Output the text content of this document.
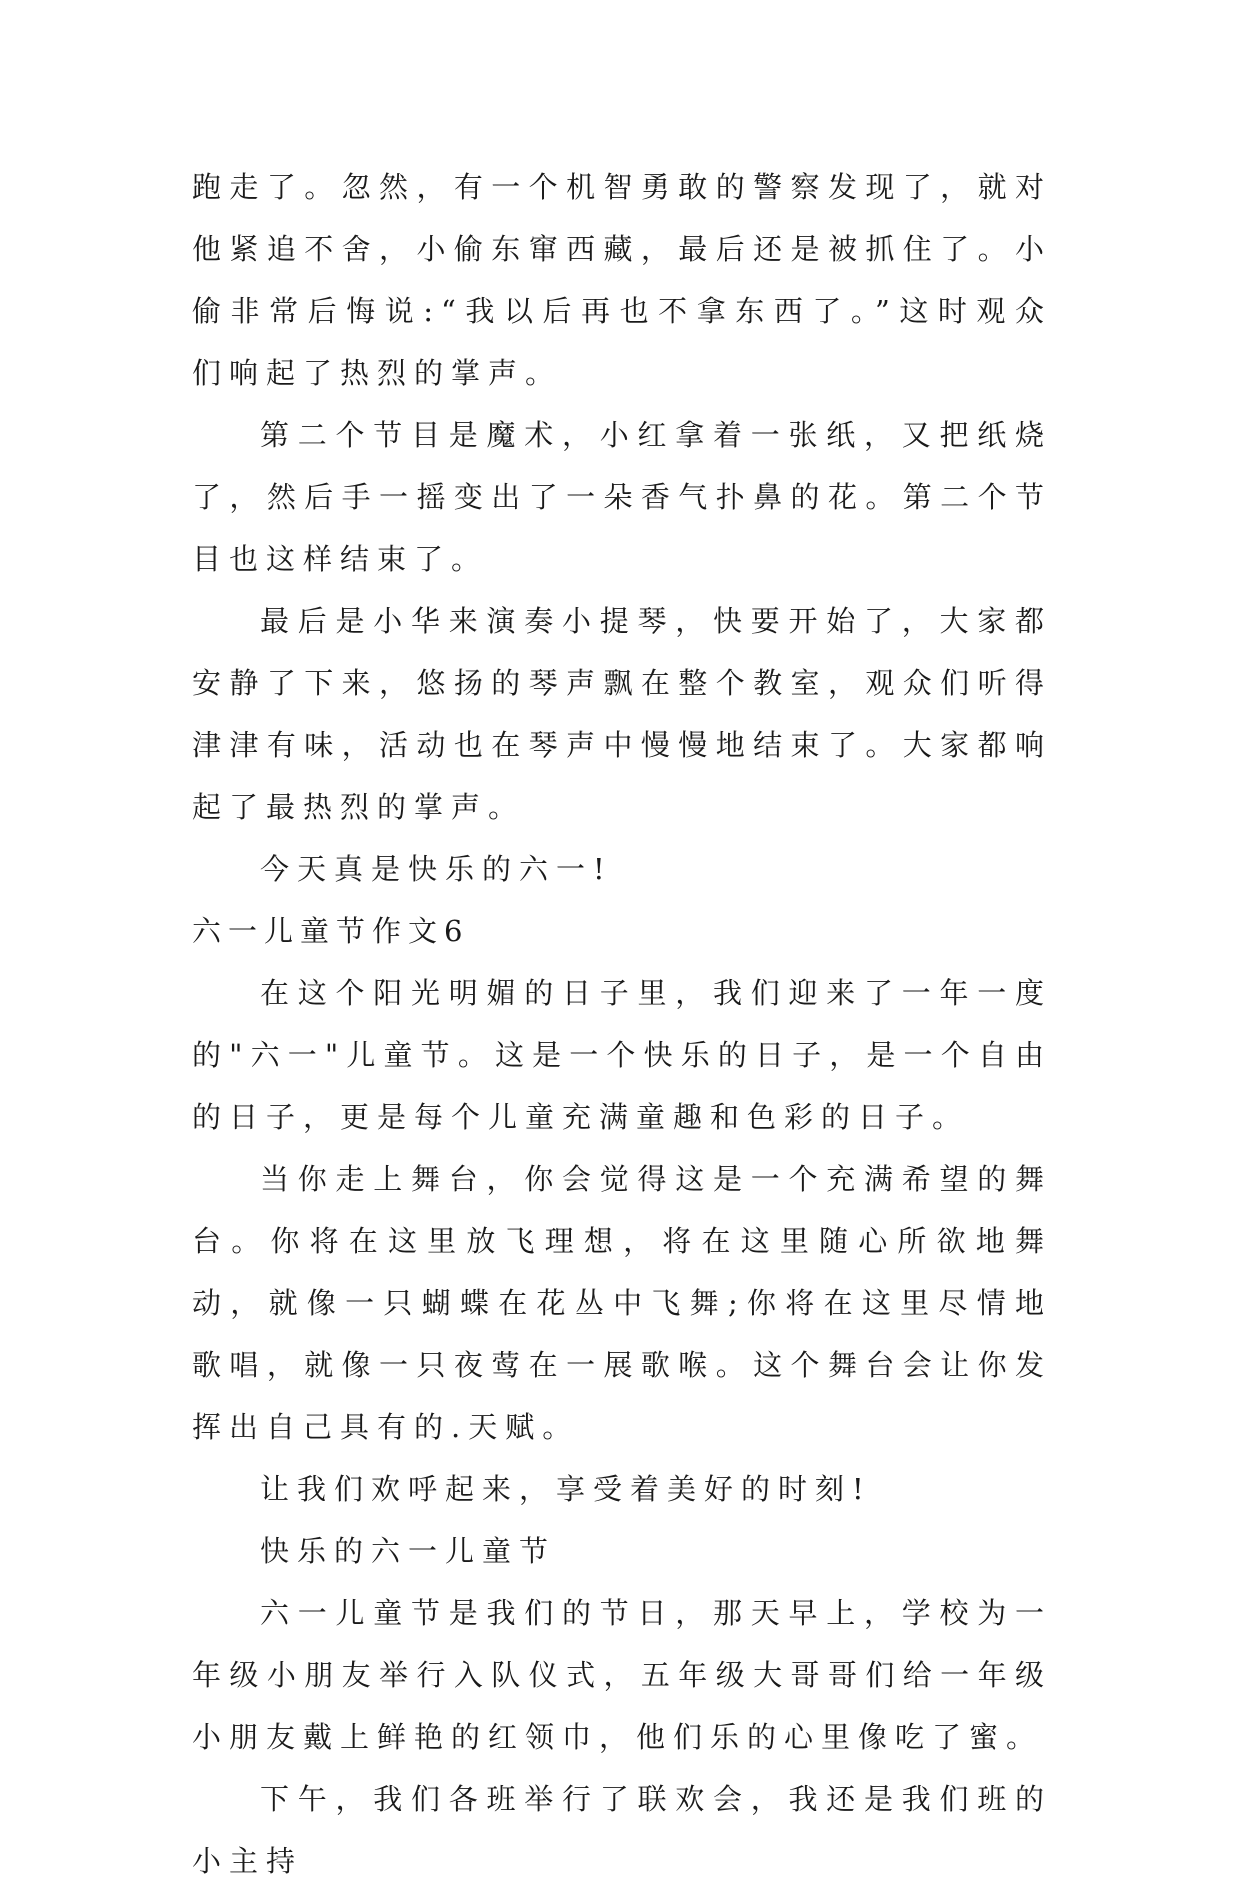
跑走了。忽然，有一个机智勇敢的警察发现了，就对他紧追不舍，小偷东窜西藏，最后还是被抓住了。小偷非常后悔说:“我以后再也不拿东西了。”这时观众们响起了热烈的掌声。

第二个节目是魔术，小红拿着一张纸，又把纸烧了，然后手一摇变出了一朵香气扑鼻的花。第二个节目也这样结束了。

最后是小华来演奏小提琴，快要开始了，大家都安静了下来，悠扬的琴声飘在整个教室，观众们听得津津有味，活动也在琴声中慢慢地结束了。大家都响起了最热烈的掌声。

今天真是快乐的六一!

六一儿童节作文6

在这个阳光明媚的日子里，我们迎来了一年一度的"六一"儿童节。这是一个快乐的日子，是一个自由的日子，更是每个儿童充满童趣和色彩的日子。

当你走上舞台，你会觉得这是一个充满希望的舞台。你将在这里放飞理想，将在这里随心所欲地舞动，就像一只蝴蝶在花丛中飞舞;你将在这里尽情地歌唱，就像一只夜莺在一展歌喉。这个舞台会让你发挥出自己具有的.天赋。

让我们欢呼起来，享受着美好的时刻!

快乐的六一儿童节

六一儿童节是我们的节日，那天早上，学校为一年级小朋友举行入队仪式，五年级大哥哥们给一年级小朋友戴上鲜艳的红领巾，他们乐的心里像吃了蜜。

下午，我们各班举行了联欢会，我还是我们班的小主持
